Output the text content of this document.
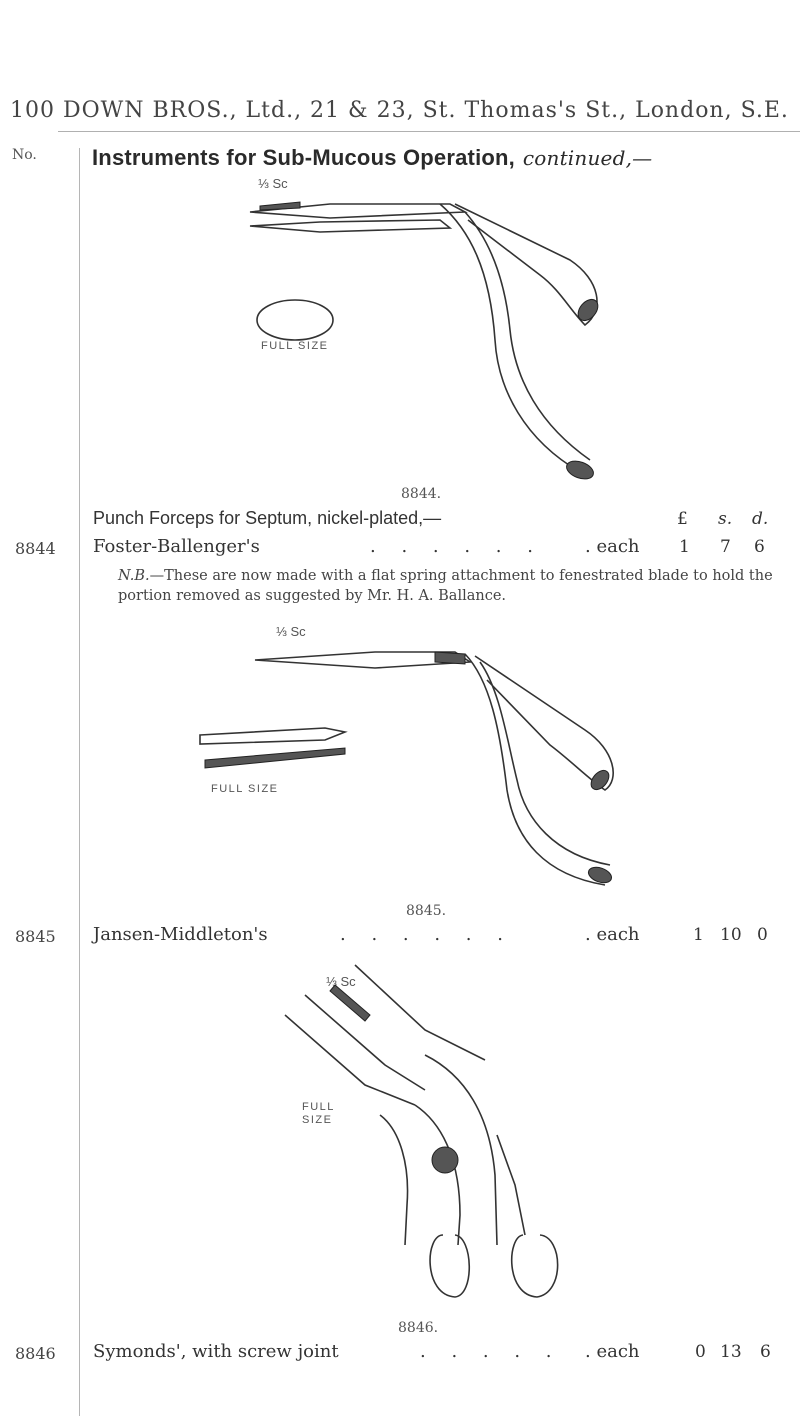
100 DOWN BROS., Ltd., 21 & 23, St. Thomas's St., London, S.E.
No.	Instruments for Sub-Mucous Operation, continued,—
⅓ Sc
FULL SIZE
8844.
Punch Forceps for Septum, nickel-plated,—	£ s. d.
8844 Foster-Ballenger's	. . . . . . . each 1 7 6
N.B.—These are now made with a flat spring attachment to fenestrated blade to hold the portion removed as suggested by Mr. H. A. Ballance.
⅓ Sc
FULL SIZE
8845.
8845 Jansen-Middleton's	. . . . . .	. each	1 10 0
⅓ Sc
FULL
SIZE
8846.
8846 Symonds', with screw joint	. . . . . . each	0 13 6
